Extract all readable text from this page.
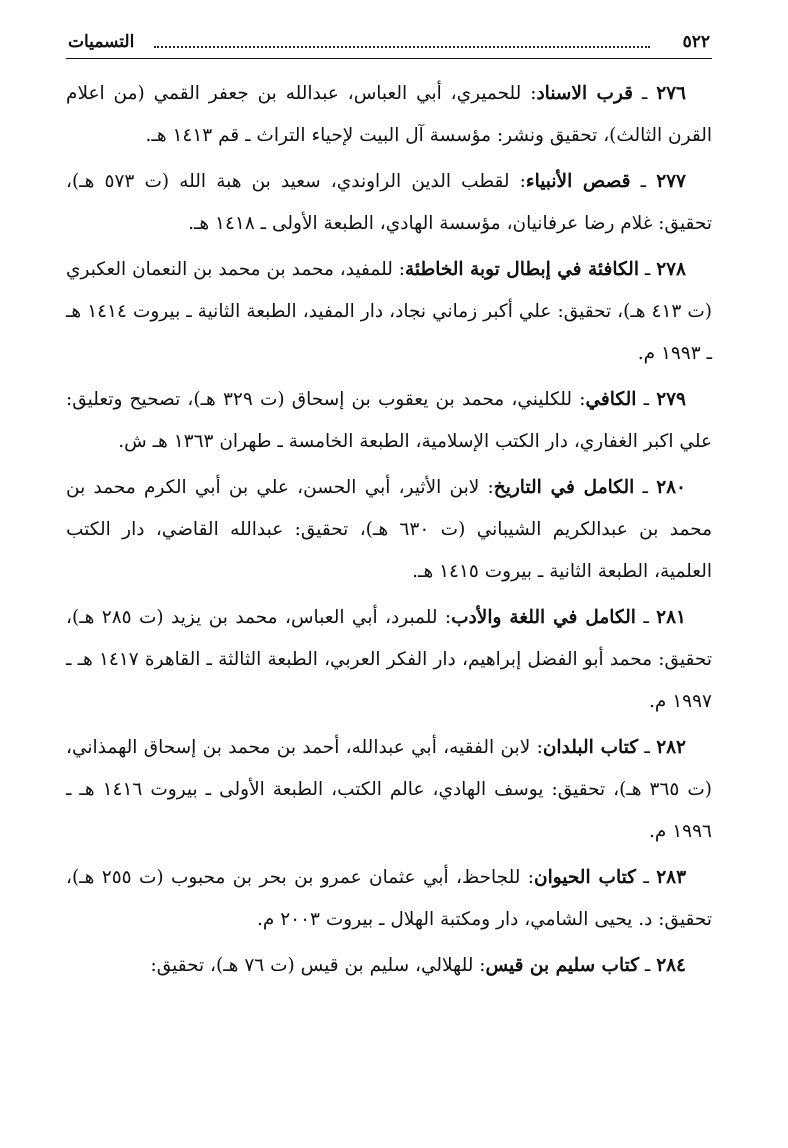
٥٢٢
التسميات

٢٧٦ ـ قرب الاسناد: للحميري، أبي العباس، عبدالله بن جعفر القمي (من اعلام القرن الثالث)، تحقيق ونشر: مؤسسة آل البيت لإحياء التراث ـ قم ١٤١٣ هـ.

٢٧٧ ـ قصص الأنبياء: لقطب الدين الراوندي، سعيد بن هبة الله (ت ٥٧٣ هـ)، تحقيق: غلام رضا عرفانيان، مؤسسة الهادي، الطبعة الأولى ـ ١٤١٨ هـ.

٢٧٨ ـ الكافئة في إبطال توبة الخاطئة: للمفيد، محمد بن محمد بن النعمان العكبري (ت ٤١٣ هـ)، تحقيق: علي أكبر زماني نجاد، دار المفيد، الطبعة الثانية ـ بيروت ١٤١٤ هـ ـ ١٩٩٣ م.

٢٧٩ ـ الكافي: للكليني، محمد بن يعقوب بن إسحاق (ت ٣٢٩ هـ)، تصحيح وتعليق: علي اكبر الغفاري، دار الكتب الإسلامية، الطبعة الخامسة ـ طهران ١٣٦٣ هـ ش.

٢٨٠ ـ الكامل في التاريخ: لابن الأثير، أبي الحسن، علي بن أبي الكرم محمد بن محمد بن عبدالكريم الشيباني (ت ٦٣٠ هـ)، تحقيق: عبدالله القاضي، دار الكتب العلمية، الطبعة الثانية ـ بيروت ١٤١٥ هـ.

٢٨١ ـ الكامل في اللغة والأدب: للمبرد، أبي العباس، محمد بن يزيد (ت ٢٨٥ هـ)، تحقيق: محمد أبو الفضل إبراهيم، دار الفكر العربي، الطبعة الثالثة ـ القاهرة ١٤١٧ هـ ـ ١٩٩٧ م.

٢٨٢ ـ كتاب البلدان: لابن الفقيه، أبي عبدالله، أحمد بن محمد بن إسحاق الهمذاني، (ت ٣٦٥ هـ)، تحقيق: يوسف الهادي، عالم الكتب، الطبعة الأولى ـ بيروت ١٤١٦ هـ ـ ١٩٩٦ م.

٢٨٣ ـ كتاب الحيوان: للجاحظ، أبي عثمان عمرو بن بحر بن محبوب (ت ٢٥٥ هـ)، تحقيق: د. يحيى الشامي، دار ومكتبة الهلال ـ بيروت ٢٠٠٣ م.

٢٨٤ ـ كتاب سليم بن قيس: للهلالي، سليم بن قيس (ت ٧٦ هـ)، تحقيق:
